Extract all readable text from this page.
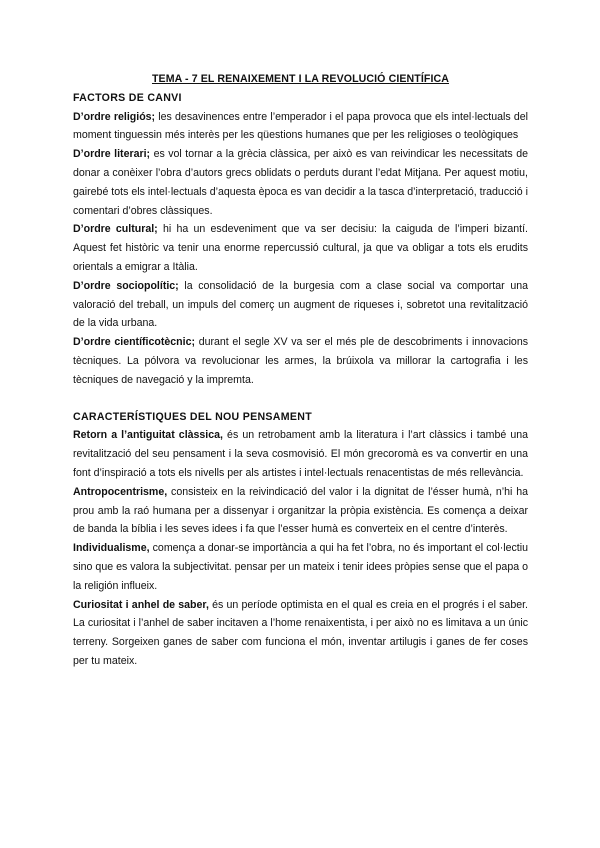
TEMA - 7 EL RENAIXEMENT I LA REVOLUCIÓ CIENTÍFICA

FACTORS DE CANVI

D’ordre religiós; les desavinences entre l’emperador i el papa provoca que els intel·lectuals del moment tinguessin més interès per les qüestions humanes que per les religioses o teològiques

D’ordre literari; es vol tornar a la grècia clàssica, per això es van reivindicar les necessitats de donar a conèixer l’obra d’autors grecs oblidats o perduts durant l’edat Mitjana. Per aquest motiu, gairebé tots els intel·lectuals d’aquesta època es van decidir a la tasca d’interpretació, traducció i comentari d’obres clàssiques.

D’ordre cultural; hi ha un esdeveniment que va ser decisiu: la caiguda de l’imperi bizantí. Aquest fet històric va tenir una enorme repercussió cultural, ja que va obligar a tots els erudits orientals a emigrar a Itàlia.

D’ordre sociopolític; la consolidació de la burgesia com a clase social va comportar una valoració del treball, un impuls del comerç un augment de riqueses i, sobretot una revitalització de la vida urbana.

D’ordre científicotècnic; durant el segle XV va ser el més ple de descobriments i innovacions tècniques. La pólvora va revolucionar les armes, la brúixola va millorar la cartografia i les tècniques de navegació y la impremta.

CARACTERÍSTIQUES DEL NOU PENSAMENT

Retorn a l’antiguitat clàssica, és un retrobament amb la literatura i l’art clàssics i també una revitalització del seu pensament i la seva cosmovisió. El món grecoromà es va convertir en una font d’inspiració a tots els nivells per als artistes i intel·lectuals renacentistas de més rellevància.

Antropocentrisme, consisteix en la reivindicació del valor i la dignitat de l’ésser humà, n’hi ha prou amb la raó humana per a dissenyar i organitzar la pròpia existència. Es comença a deixar de banda la bíblia i les seves idees i fa que l’esser humà es converteix en el centre d’interès.

Individualisme, comença a donar-se importància a qui ha fet l’obra, no és important el col·lectiu sino que es valora la subjectivitat. pensar per un mateix i tenir idees pròpies sense que el papa o la religión influeix.

Curiositat i anhel de saber, és un període optimista en el qual es creia en el progrés i el saber. La curiositat i l’anhel de saber incitaven a l’home renaixentista, i per això no es limitava a un únic terreny. Sorgeixen ganes de saber com funciona el món, inventar artilugis i ganes de fer coses per tu mateix.
